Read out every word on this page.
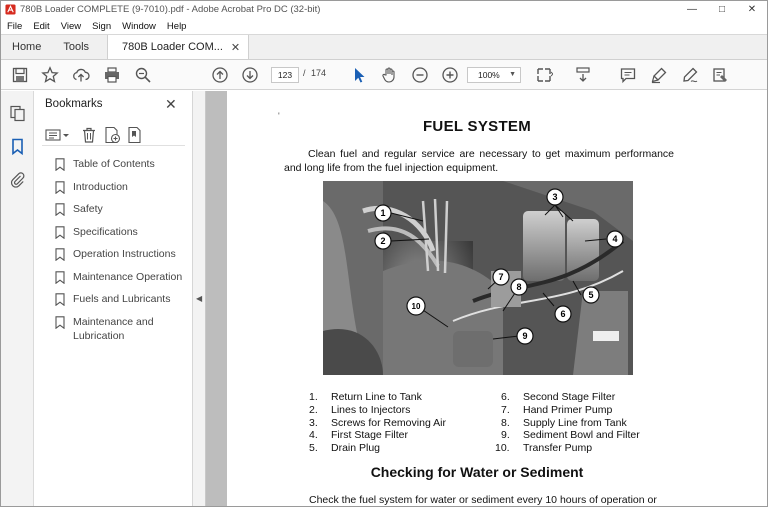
780B Loader COMPLETE (9-7010).pdf - Adobe Acrobat Pro DC (32-bit)	—	□	✕
File Edit View Sign Window Help
Home	Tools	780B Loader COM... ✕
123	/ 174	100% ▼
Bookmarks	✕
Table of Contents
Introduction
Safety
Specifications
Operation Instructions
Maintenance Operation
Fuels and Lubricants
Maintenance and Lubrication
◀
'
FUEL SYSTEM
Clean fuel and regular service are necessary to get maximum performance and long life from the fuel injection equipment.
1
2
3
4
5
6
7
8
9
10
1. Return Line to Tank
2. Lines to Injectors
3. Screws for Removing Air
4. First Stage Filter
5. Drain Plug
6. Second Stage Filter
7. Hand Primer Pump
8. Supply Line from Tank
9. Sediment Bowl and Filter
10. Transfer Pump
Checking for Water or Sediment
Check the fuel system for water or sediment every 10 hours of operation or
